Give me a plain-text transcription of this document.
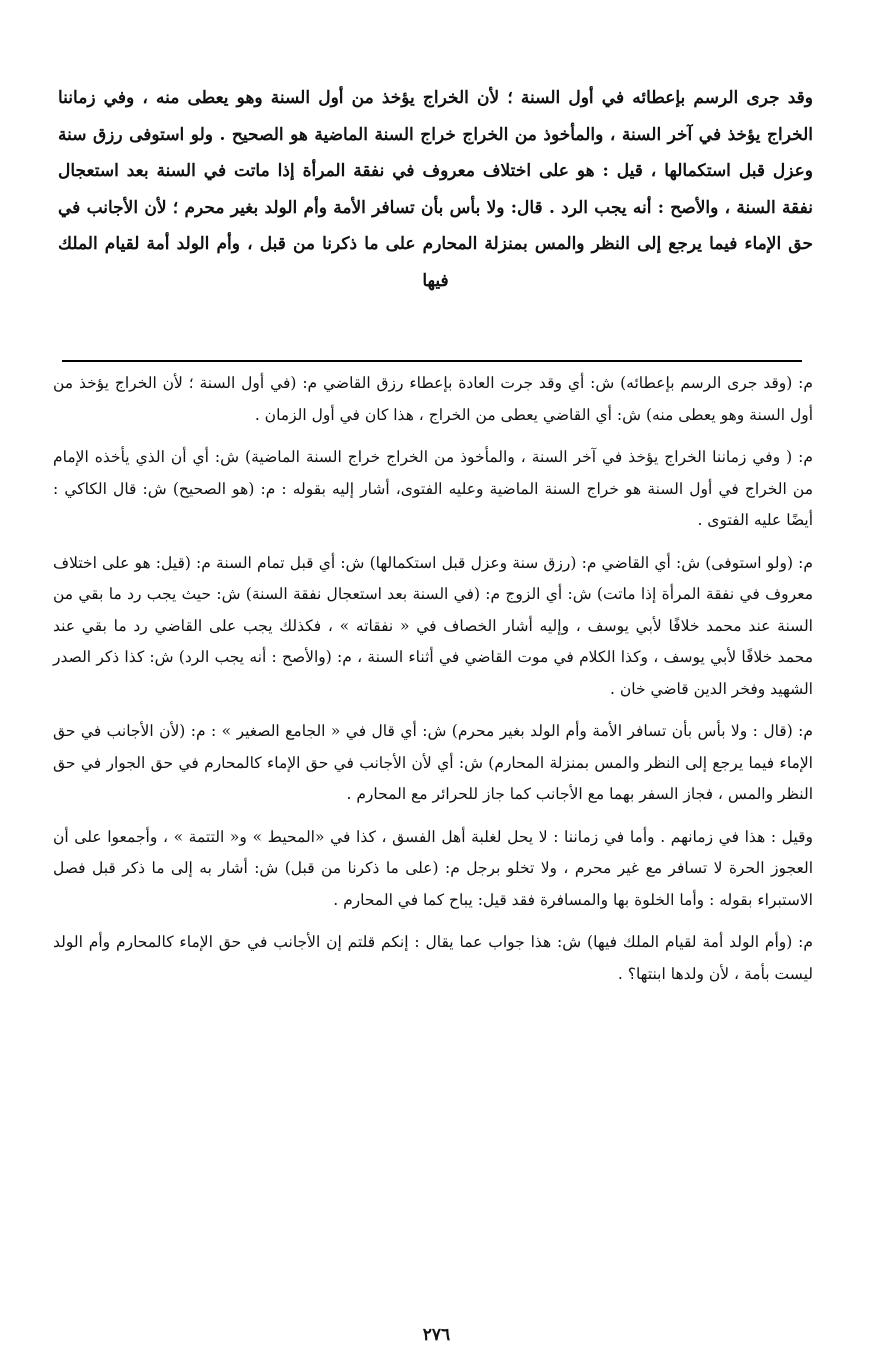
وقد جرى الرسم بإعطائه في أول السنة ؛ لأن الخراج يؤخذ من أول السنة وهو يعطى منه ، وفي زماننا الخراج يؤخذ في آخر السنة ، والمأخوذ من الخراج خراج السنة الماضية هو الصحيح . ولو استوفى رزق سنة وعزل قبل استكمالها ، قيل : هو على اختلاف معروف في نفقة المرأة إذا ماتت في السنة بعد استعجال نفقة السنة ، والأصح : أنه يجب الرد . قال: ولا بأس بأن تسافر الأمة وأم الولد بغير محرم ؛ لأن الأجانب في حق الإماء فيما يرجع إلى النظر والمس بمنزلة المحارم على ما ذكرنا من قبل ، وأم الولد أمة لقيام الملك فيها

م: (وقد جرى الرسم بإعطائه) ش: أي وقد جرت العادة بإعطاء رزق القاضي م: (في أول السنة ؛ لأن الخراج يؤخذ من أول السنة وهو يعطى منه) ش: أي القاضي يعطى من الخراج ، هذا كان في أول الزمان .

م: ( وفي زماننا الخراج يؤخذ في آخر السنة ، والمأخوذ من الخراج خراج السنة الماضية) ش: أي أن الذي يأخذه الإمام من الخراج في أول السنة هو خراج السنة الماضية وعليه الفتوى، أشار إليه بقوله : م: (هو الصحيح) ش: قال الكاكي : أيضًا عليه الفتوى .

م: (ولو استوفى) ش: أي القاضي م: (رزق سنة وعزل قبل استكمالها) ش: أي قبل تمام السنة م: (قيل: هو على اختلاف معروف في نفقة المرأة إذا ماتت) ش: أي الزوج م: (في السنة بعد استعجال نفقة السنة) ش: حيث يجب رد ما بقي من السنة عند محمد خلافًا لأبي يوسف ، وإليه أشار الخصاف في « نفقاته » ، فكذلك يجب على القاضي رد ما بقي عند محمد خلافًا لأبي يوسف ، وكذا الكلام في موت القاضي في أثناء السنة ، م: (والأصح : أنه يجب الرد) ش: كذا ذكر الصدر الشهيد وفخر الدين قاضي خان .

م: (قال : ولا بأس بأن تسافر الأمة وأم الولد بغير محرم) ش: أي قال في « الجامع الصغير » : م: (لأن الأجانب في حق الإماء فيما يرجع إلى النظر والمس بمنزلة المحارم) ش: أي لأن الأجانب في حق الإماء كالمحارم في حق الجوار في حق النظر والمس ، فجاز السفر بهما مع الأجانب كما جاز للحرائر مع المحارم .

وقيل : هذا في زمانهم . وأما في زماننا : لا يحل لغلبة أهل الفسق ، كذا في «المحيط » و« التتمة » ، وأجمعوا على أن العجوز الحرة لا تسافر مع غير محرم ، ولا تخلو برجل م: (على ما ذكرنا من قبل) ش: أشار به إلى ما ذكر قبل فصل الاستبراء بقوله : وأما الخلوة بها والمسافرة فقد قيل: يباح كما في المحارم .

م: (وأم الولد أمة لقيام الملك فيها) ش: هذا جواب عما يقال : إنكم قلتم إن الأجانب في حق الإماء كالمحارم وأم الولد ليست بأمة ، لأن ولدها ابنتها؟ .

٢٧٦
